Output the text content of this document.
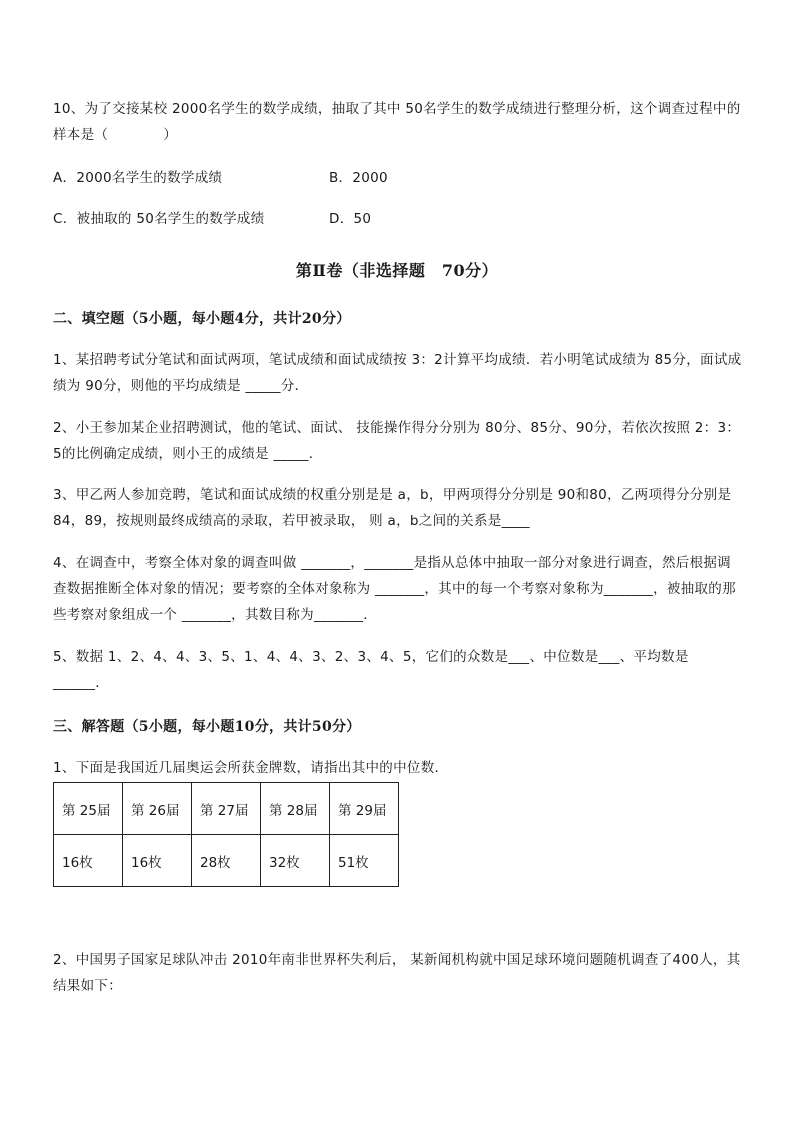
10、为了交接某校 2000名学生的数学成绩，抽取了其中 50名学生的数学成绩进行整理分析，这个调查过程中的样本是（　　　　）

A．2000名学生的数学成绩	B．2000

C．被抽取的 50名学生的数学成绩	D．50

第Ⅱ卷（非选择题　70分）

二、填空题（5小题，每小题4分，共计20分）

1、某招聘考试分笔试和面试两项，笔试成绩和面试成绩按 3：2计算平均成绩．若小明笔试成绩为 85分，面试成绩为 90分，则他的平均成绩是 _____分．

2、小王参加某企业招聘测试，他的笔试、面试、 技能操作得分分别为 80分、85分、90分，若依次按照 2：3：5的比例确定成绩，则小王的成绩是 _____．

3、甲乙两人参加竞聘，笔试和面试成绩的权重分别是是 a，b，甲两项得分分别是 90和80，乙两项得分分别是 84，89，按规则最终成绩高的录取，若甲被录取， 则 a，b之间的关系是____

4、在调查中，考察全体对象的调查叫做 _______，_______是指从总体中抽取一部分对象进行调查，然后根据调查数据推断全体对象的情况；要考察的全体对象称为 _______，其中的每一个考察对象称为_______，被抽取的那些考察对象组成一个 _______，其数目称为_______．

5、数据 1、2、4、4、3、5、1、4、4、3、2、3、4、5，它们的众数是___、中位数是___、平均数是______．

三、解答题（5小题，每小题10分，共计50分）

1、下面是我国近几届奥运会所获金牌数，请指出其中的中位数．

第 25届	第 26届	第 27届	第 28届	第 29届
16枚	16枚	28枚	32枚	51枚

2、中国男子国家足球队冲击 2010年南非世界杯失利后， 某新闻机构就中国足球环境问题随机调查了400人，其结果如下：
